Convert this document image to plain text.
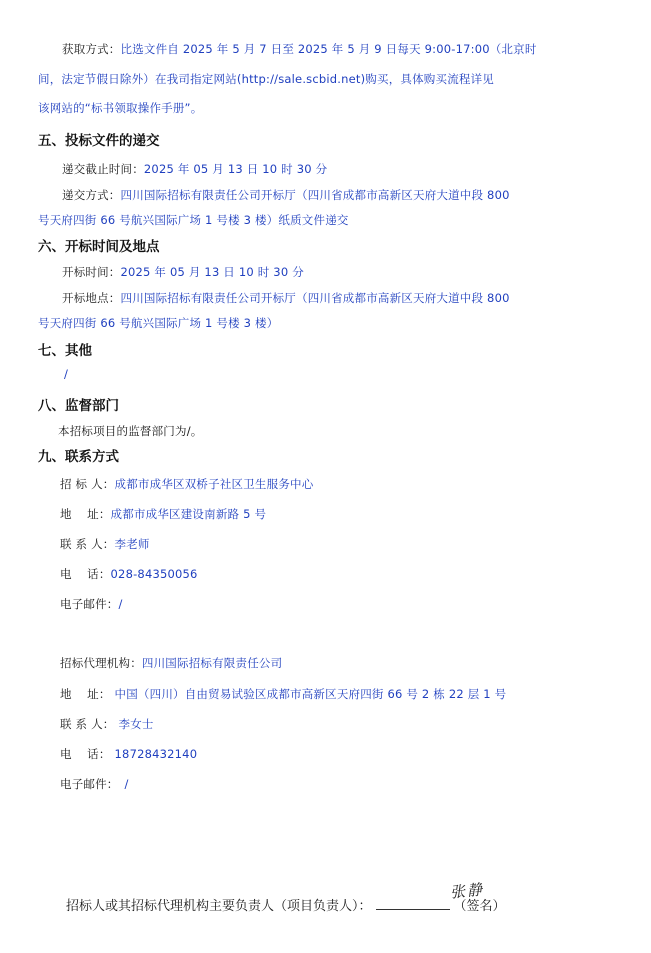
获取方式：比选文件自 2025 年 5 月 7 日至 2025 年 5 月 9 日每天 9:00-17:00（北京时
间，法定节假日除外）在我司指定网站(http://sale.scbid.net)购买，具体购买流程详见
该网站的“标书领取操作手册”。
五、投标文件的递交
递交截止时间：2025 年 05 月 13 日 10 时 30 分
递交方式：四川国际招标有限责任公司开标厅（四川省成都市高新区天府大道中段 800
号天府四街 66 号航兴国际广场 1 号楼 3 楼）纸质文件递交
六、开标时间及地点
开标时间：2025 年 05 月 13 日 10 时 30 分
开标地点：四川国际招标有限责任公司开标厅（四川省成都市高新区天府大道中段 800
号天府四街 66 号航兴国际广场 1 号楼 3 楼）
七、其他
/
八、监督部门
本招标项目的监督部门为/。
九、联系方式
招 标 人：成都市成华区双桥子社区卫生服务中心
地    址：成都市成华区建设南新路 5 号
联 系 人：李老师
电    话：028-84350056
电子邮件：/
招标代理机构：四川国际招标有限责任公司
地    址： 中国（四川）自由贸易试验区成都市高新区天府四街 66 号 2 栋 22 层 1 号
联 系 人： 李女士
电    话： 18728432140
电子邮件： /
张静
招标人或其招标代理机构主要负责人（项目负责人）：	（签名）
